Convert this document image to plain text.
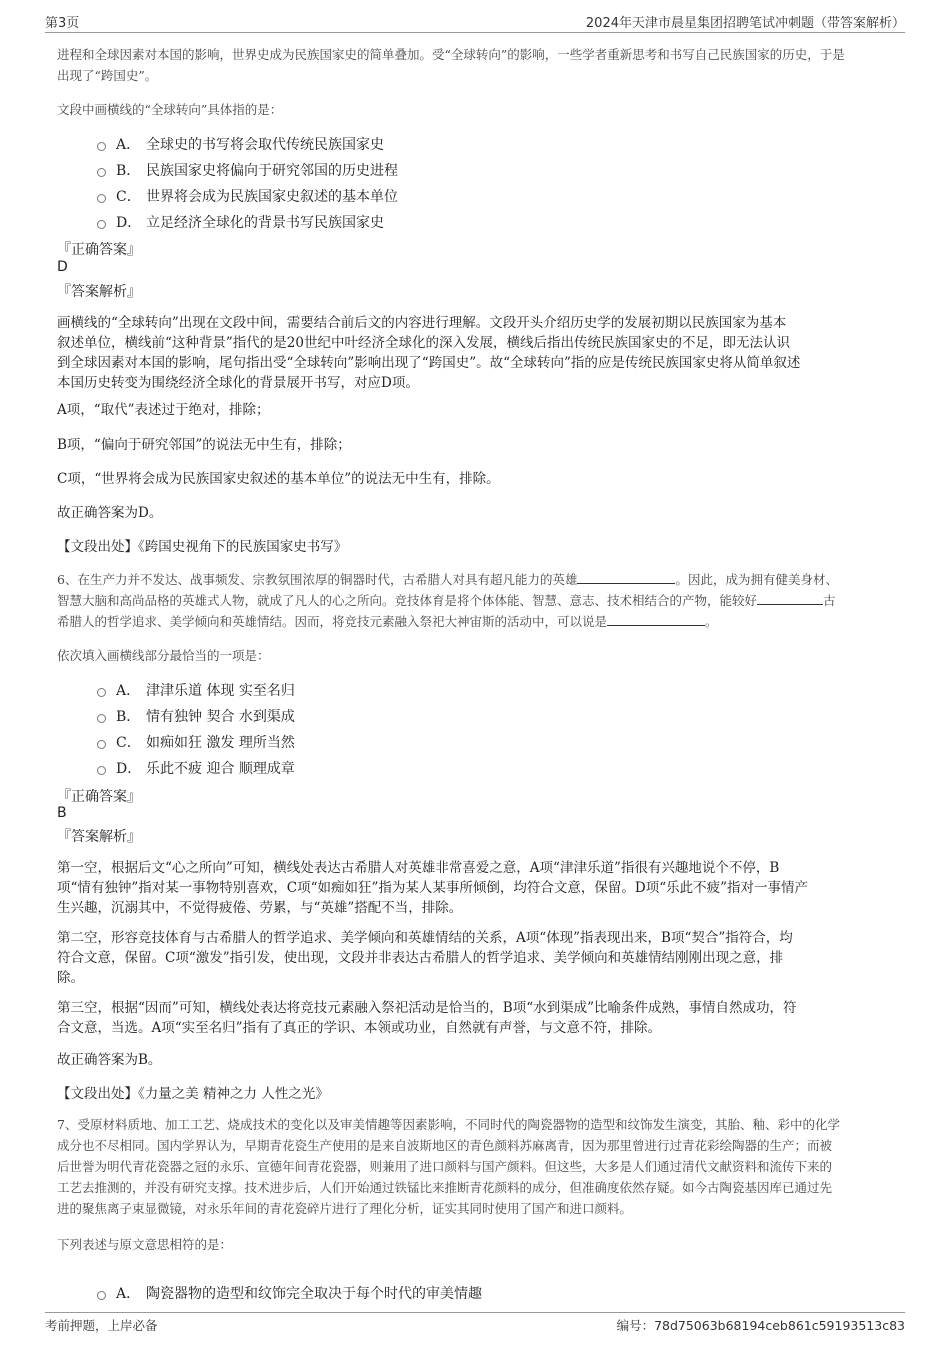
第3页	2024年天津市晨星集团招聘笔试冲刺题（带答案解析）
进程和全球因素对本国的影响，世界史成为民族国家史的简单叠加。受“全球转向”的影响，一些学者重新思考和书写自己民族国家的历史，于是
出现了“跨国史”。
文段中画横线的“全球转向”具体指的是：
A． 全球史的书写将会取代传统民族国家史
B． 民族国家史将偏向于研究邻国的历史进程
C． 世界将会成为民族国家史叙述的基本单位
D． 立足经济全球化的背景书写民族国家史
『正确答案』
D
『答案解析』
画横线的“全球转向”出现在文段中间，需要结合前后文的内容进行理解。文段开头介绍历史学的发展初期以民族国家为基本
叙述单位，横线前“这种背景”指代的是20世纪中叶经济全球化的深入发展，横线后指出传统民族国家史的不足，即无法认识
到全球因素对本国的影响，尾句指出受“全球转向”影响出现了“跨国史”。故“全球转向”指的应是传统民族国家史将从简单叙述
本国历史转变为围绕经济全球化的背景展开书写，对应D项。
A项，“取代”表述过于绝对，排除；
B项，“偏向于研究邻国”的说法无中生有，排除；
C项，“世界将会成为民族国家史叙述的基本单位”的说法无中生有，排除。
故正确答案为D。
【文段出处】《跨国史视角下的民族国家史书写》
6、在生产力并不发达、战事频发、宗教氛围浓厚的铜器时代，古希腊人对具有超凡能力的英雄	。因此，成为拥有健美身材、
智慧大脑和高尚品格的英雄式人物，就成了凡人的心之所向。竞技体育是将个体体能、智慧、意志、技术相结合的产物，能较好	古
希腊人的哲学追求、美学倾向和英雄情结。因而，将竞技元素融入祭祀大神宙斯的活动中，可以说是	。
依次填入画横线部分最恰当的一项是：
A． 津津乐道 体现 实至名归
B． 情有独钟 契合 水到渠成
C． 如痴如狂 激发 理所当然
D． 乐此不疲 迎合 顺理成章
『正确答案』
B
『答案解析』
第一空，根据后文“心之所向”可知，横线处表达古希腊人对英雄非常喜爱之意，A项“津津乐道”指很有兴趣地说个不停，B
项“情有独钟”指对某一事物特别喜欢，C项“如痴如狂”指为某人某事所倾倒，均符合文意，保留。D项“乐此不疲”指对一事情产
生兴趣，沉溺其中，不觉得疲倦、劳累，与“英雄”搭配不当，排除。
第二空，形容竞技体育与古希腊人的哲学追求、美学倾向和英雄情结的关系，A项“体现”指表现出来，B项“契合”指符合，均
符合文意，保留。C项“激发”指引发，使出现，文段并非表达古希腊人的哲学追求、美学倾向和英雄情结刚刚出现之意，排
除。
第三空，根据“因而”可知，横线处表达将竞技元素融入祭祀活动是恰当的，B项“水到渠成”比喻条件成熟，事情自然成功，符
合文意，当选。A项“实至名归”指有了真正的学识、本领或功业，自然就有声誉，与文意不符，排除。
故正确答案为B。
【文段出处】《力量之美 精神之力 人性之光》
7、受原材料质地、加工工艺、烧成技术的变化以及审美情趣等因素影响，不同时代的陶瓷器物的造型和纹饰发生演变，其胎、釉、彩中的化学
成分也不尽相同。国内学界认为，早期青花瓷生产使用的是来自波斯地区的青色颜料苏麻离青，因为那里曾进行过青花彩绘陶器的生产；而被
后世誉为明代青花瓷器之冠的永乐、宣德年间青花瓷器，则兼用了进口颜料与国产颜料。但这些，大多是人们通过清代文献资料和流传下来的
工艺去推测的，并没有研究支撑。技术进步后，人们开始通过铁锰比来推断青花颜料的成分，但准确度依然存疑。如今古陶瓷基因库已通过先
进的聚焦离子束显微镜，对永乐年间的青花瓷碎片进行了理化分析，证实其同时使用了国产和进口颜料。
下列表述与原文意思相符的是：
A． 陶瓷器物的造型和纹饰完全取决于每个时代的审美情趣
考前押题，上岸必备	编号：78d75063b68194ceb861c59193513c83
